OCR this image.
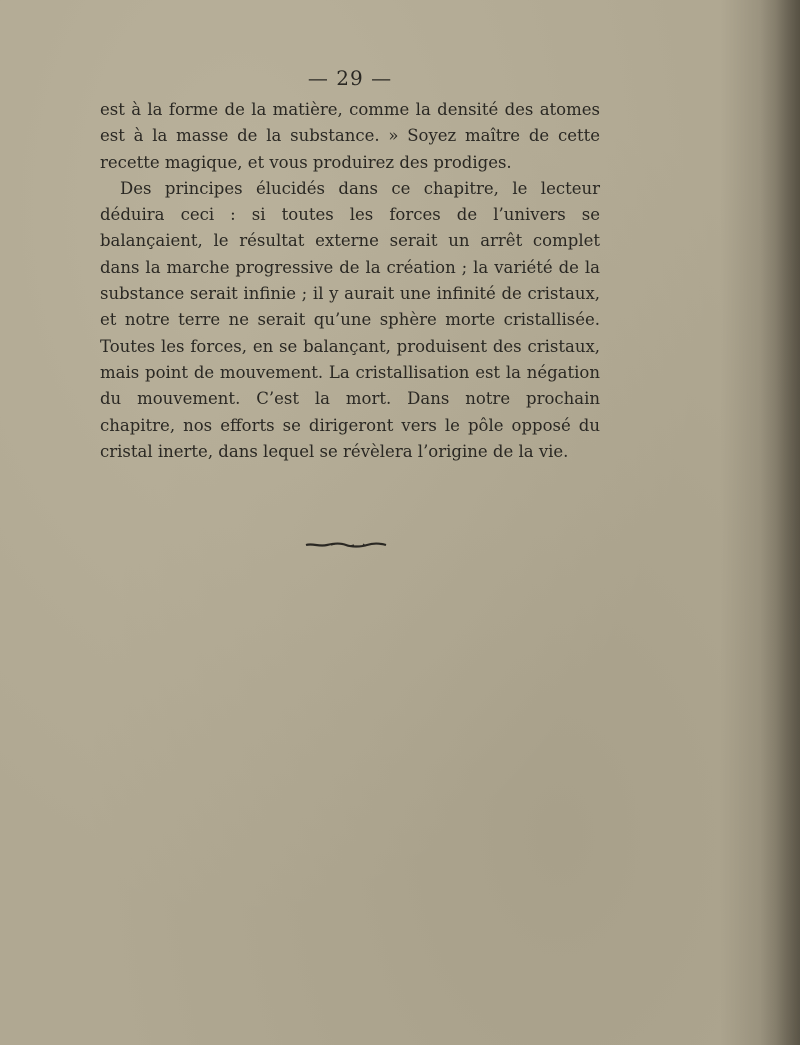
— 29 —

est à la forme de la matière, comme la densité des atomes est à la masse de la substance. » Soyez maître de cette recette magique, et vous produirez des prodiges.

Des principes élucidés dans ce chapitre, le lecteur déduira ceci : si toutes les forces de l’univers se balançaient, le résultat externe serait un arrêt complet dans la marche progressive de la création ; la variété de la substance serait infinie ; il y aurait une infinité de cristaux, et notre terre ne serait qu’une sphère morte cristallisée. Toutes les forces, en se balançant, produisent des cristaux, mais point de mouvement. La cristallisation est la négation du mouvement. C’est la mort. Dans notre prochain chapitre, nos efforts se dirigeront vers le pôle opposé du cristal inerte, dans lequel se révèlera l’origine de la vie.
